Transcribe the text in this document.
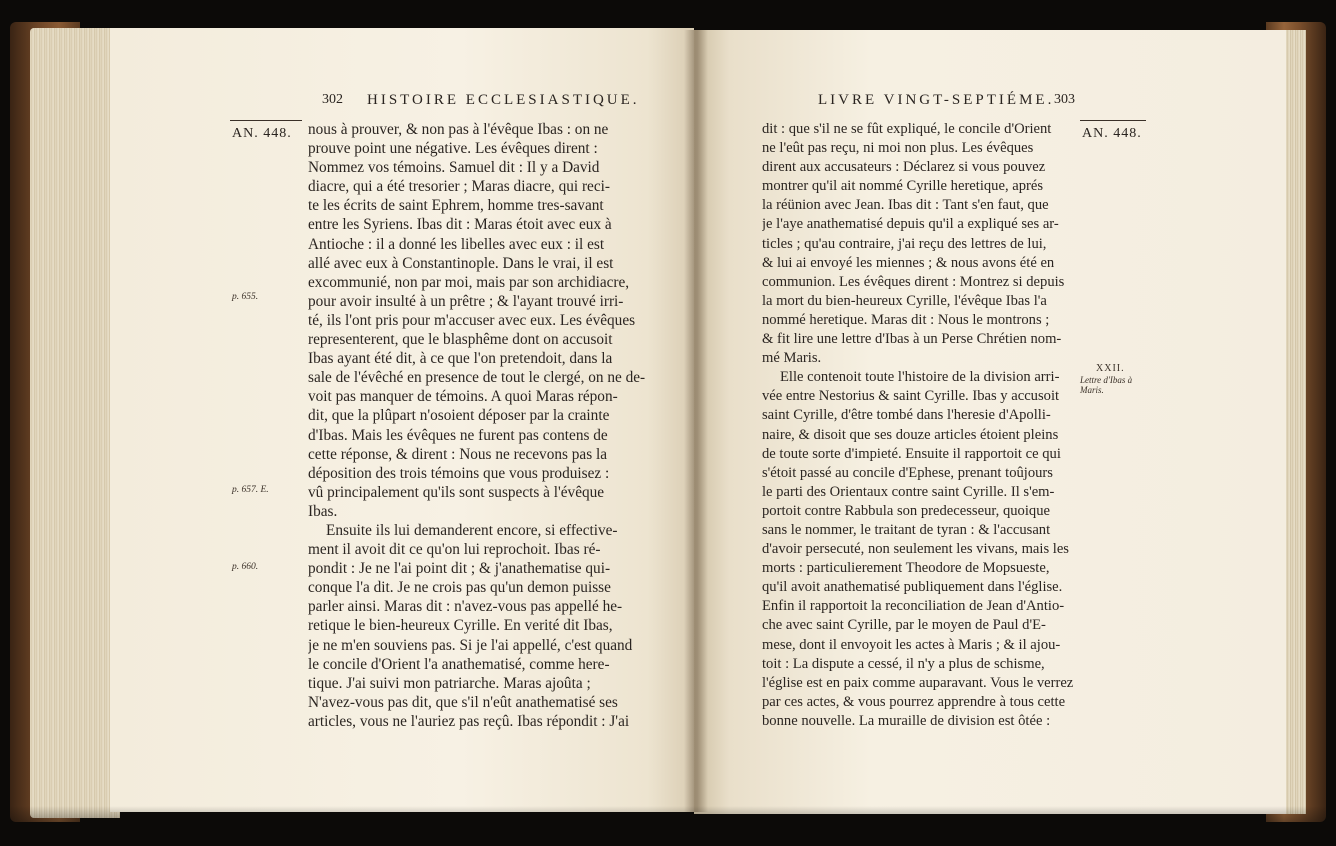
302 HISTOIRE ECCLESIASTIQUE.
AN. 448.
p. 655.
p. 657. E.
p. 660.
nous à prouver, & non pas à l'évêque Ibas : on ne
prouve point une négative. Les évêques dirent :
Nommez vos témoins. Samuel dit : Il y a David
diacre, qui a été tresorier ; Maras diacre, qui reci-
te les écrits de saint Ephrem, homme tres-savant
entre les Syriens. Ibas dit : Maras étoit avec eux à
Antioche : il a donné les libelles avec eux : il est
allé avec eux à Constantinople. Dans le vrai, il est
excommunié, non par moi, mais par son archidiacre,
pour avoir insulté à un prêtre ; & l'ayant trouvé irri-
té, ils l'ont pris pour m'accuser avec eux. Les évêques
representerent, que le blasphême dont on accusoit
Ibas ayant été dit, à ce que l'on pretendoit, dans la
sale de l'évêché en presence de tout le clergé, on ne de-
voit pas manquer de témoins. A quoi Maras répon-
dit, que la plûpart n'osoient déposer par la crainte
d'Ibas. Mais les évêques ne furent pas contens de
cette réponse, & dirent : Nous ne recevons pas la
déposition des trois témoins que vous produisez :
vû principalement qu'ils sont suspects à l'évêque
Ibas.
Ensuite ils lui demanderent encore, si effective-
ment il avoit dit ce qu'on lui reprochoit. Ibas ré-
pondit : Je ne l'ai point dit ; & j'anathematise qui-
conque l'a dit. Je ne crois pas qu'un demon puisse
parler ainsi. Maras dit : n'avez-vous pas appellé he-
retique le bien-heureux Cyrille. En verité dit Ibas,
je ne m'en souviens pas. Si je l'ai appellé, c'est quand
le concile d'Orient l'a anathematisé, comme here-
tique. J'ai suivi mon patriarche. Maras ajoûta ;
N'avez-vous pas dit, que s'il n'eût anathematisé ses
articles, vous ne l'auriez pas reçû. Ibas répondit : J'ai
LIVRE VINGT-SEPTIÉME. 303
AN. 448.
XXII.
Lettre d'Ibas à
Maris.
dit : que s'il ne se fût expliqué, le concile d'Orient
ne l'eût pas reçu, ni moi non plus. Les évêques
dirent aux accusateurs : Déclarez si vous pouvez
montrer qu'il ait nommé Cyrille heretique, aprés
la réünion avec Jean. Ibas dit : Tant s'en faut, que
je l'aye anathematisé depuis qu'il a expliqué ses ar-
ticles ; qu'au contraire, j'ai reçu des lettres de lui,
& lui ai envoyé les miennes ; & nous avons été en
communion. Les évêques dirent : Montrez si depuis
la mort du bien-heureux Cyrille, l'évêque Ibas l'a
nommé heretique. Maras dit : Nous le montrons ;
& fit lire une lettre d'Ibas à un Perse Chrétien nom-
mé Maris.
Elle contenoit toute l'histoire de la division arri-
vée entre Nestorius & saint Cyrille. Ibas y accusoit
saint Cyrille, d'être tombé dans l'heresie d'Apolli-
naire, & disoit que ses douze articles étoient pleins
de toute sorte d'impieté. Ensuite il rapportoit ce qui
s'étoit passé au concile d'Ephese, prenant toûjours
le parti des Orientaux contre saint Cyrille. Il s'em-
portoit contre Rabbula son predecesseur, quoique
sans le nommer, le traitant de tyran : & l'accusant
d'avoir persecuté, non seulement les vivans, mais les
morts : particulierement Theodore de Mopsueste,
qu'il avoit anathematisé publiquement dans l'église.
Enfin il rapportoit la reconciliation de Jean d'Antio-
che avec saint Cyrille, par le moyen de Paul d'E-
mese, dont il envoyoit les actes à Maris ; & il ajou-
toit : La dispute a cessé, il n'y a plus de schisme,
l'église est en paix comme auparavant. Vous le verrez
par ces actes, & vous pourrez apprendre à tous cette
bonne nouvelle. La muraille de division est ôtée :
